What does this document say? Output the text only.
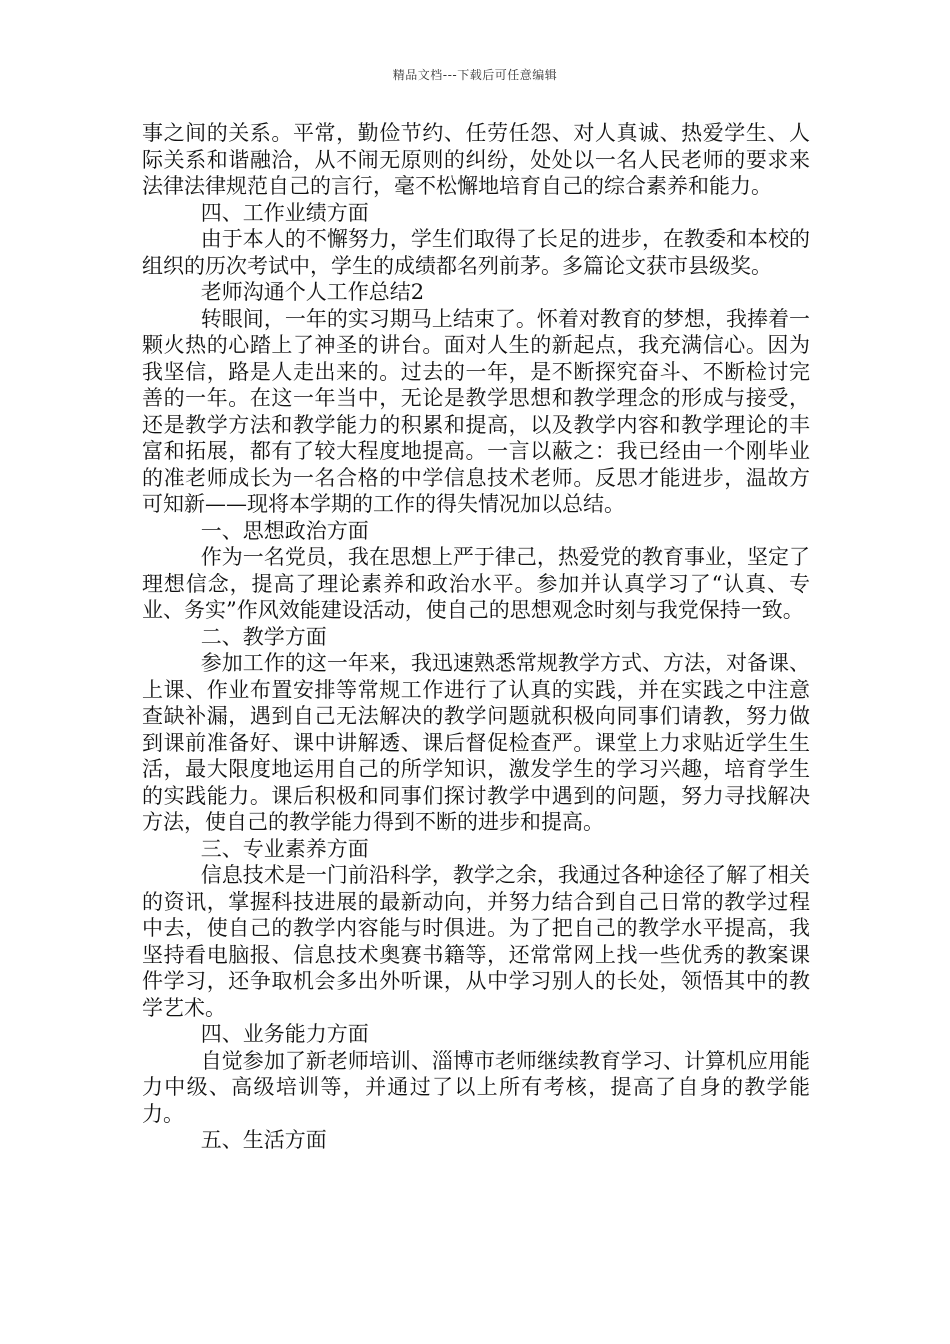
精品文档---下载后可任意编辑

事之间的关系。平常，勤俭节约、任劳任怨、对人真诚、热爱学生、人际关系和谐融洽，从不闹无原则的纠纷，处处以一名人民老师的要求来法律法律规范自己的言行，毫不松懈地培育自己的综合素养和能力。

四、工作业绩方面

由于本人的不懈努力，学生们取得了长足的进步，在教委和本校的组织的历次考试中，学生的成绩都名列前茅。多篇论文获市县级奖。

老师沟通个人工作总结2

转眼间，一年的实习期马上结束了。怀着对教育的梦想，我捧着一颗火热的心踏上了神圣的讲台。面对人生的新起点，我充满信心。因为我坚信，路是人走出来的。过去的一年，是不断探究奋斗、不断检讨完善的一年。在这一年当中，无论是教学思想和教学理念的形成与接受，还是教学方法和教学能力的积累和提高，以及教学内容和教学理论的丰富和拓展，都有了较大程度地提高。一言以蔽之：我已经由一个刚毕业的准老师成长为一名合格的中学信息技术老师。反思才能进步，温故方可知新——现将本学期的工作的得失情况加以总结。

一、思想政治方面

作为一名党员，我在思想上严于律己，热爱党的教育事业，坚定了理想信念，提高了理论素养和政治水平。参加并认真学习了“认真、专业、务实”作风效能建设活动，使自己的思想观念时刻与我党保持一致。

二、教学方面

参加工作的这一年来，我迅速熟悉常规教学方式、方法，对备课、上课、作业布置安排等常规工作进行了认真的实践，并在实践之中注意查缺补漏，遇到自己无法解决的教学问题就积极向同事们请教，努力做到课前准备好、课中讲解透、课后督促检查严。课堂上力求贴近学生生活，最大限度地运用自己的所学知识，激发学生的学习兴趣，培育学生的实践能力。课后积极和同事们探讨教学中遇到的问题，努力寻找解决方法，使自己的教学能力得到不断的进步和提高。

三、专业素养方面

信息技术是一门前沿科学，教学之余，我通过各种途径了解了相关的资讯，掌握科技进展的最新动向，并努力结合到自己日常的教学过程中去，使自己的教学内容能与时俱进。为了把自己的教学水平提高，我坚持看电脑报、信息技术奥赛书籍等，还常常网上找一些优秀的教案课件学习，还争取机会多出外听课，从中学习别人的长处，领悟其中的教学艺术。

四、业务能力方面

自觉参加了新老师培训、淄博市老师继续教育学习、计算机应用能力中级、高级培训等，并通过了以上所有考核，提高了自身的教学能力。

五、生活方面
